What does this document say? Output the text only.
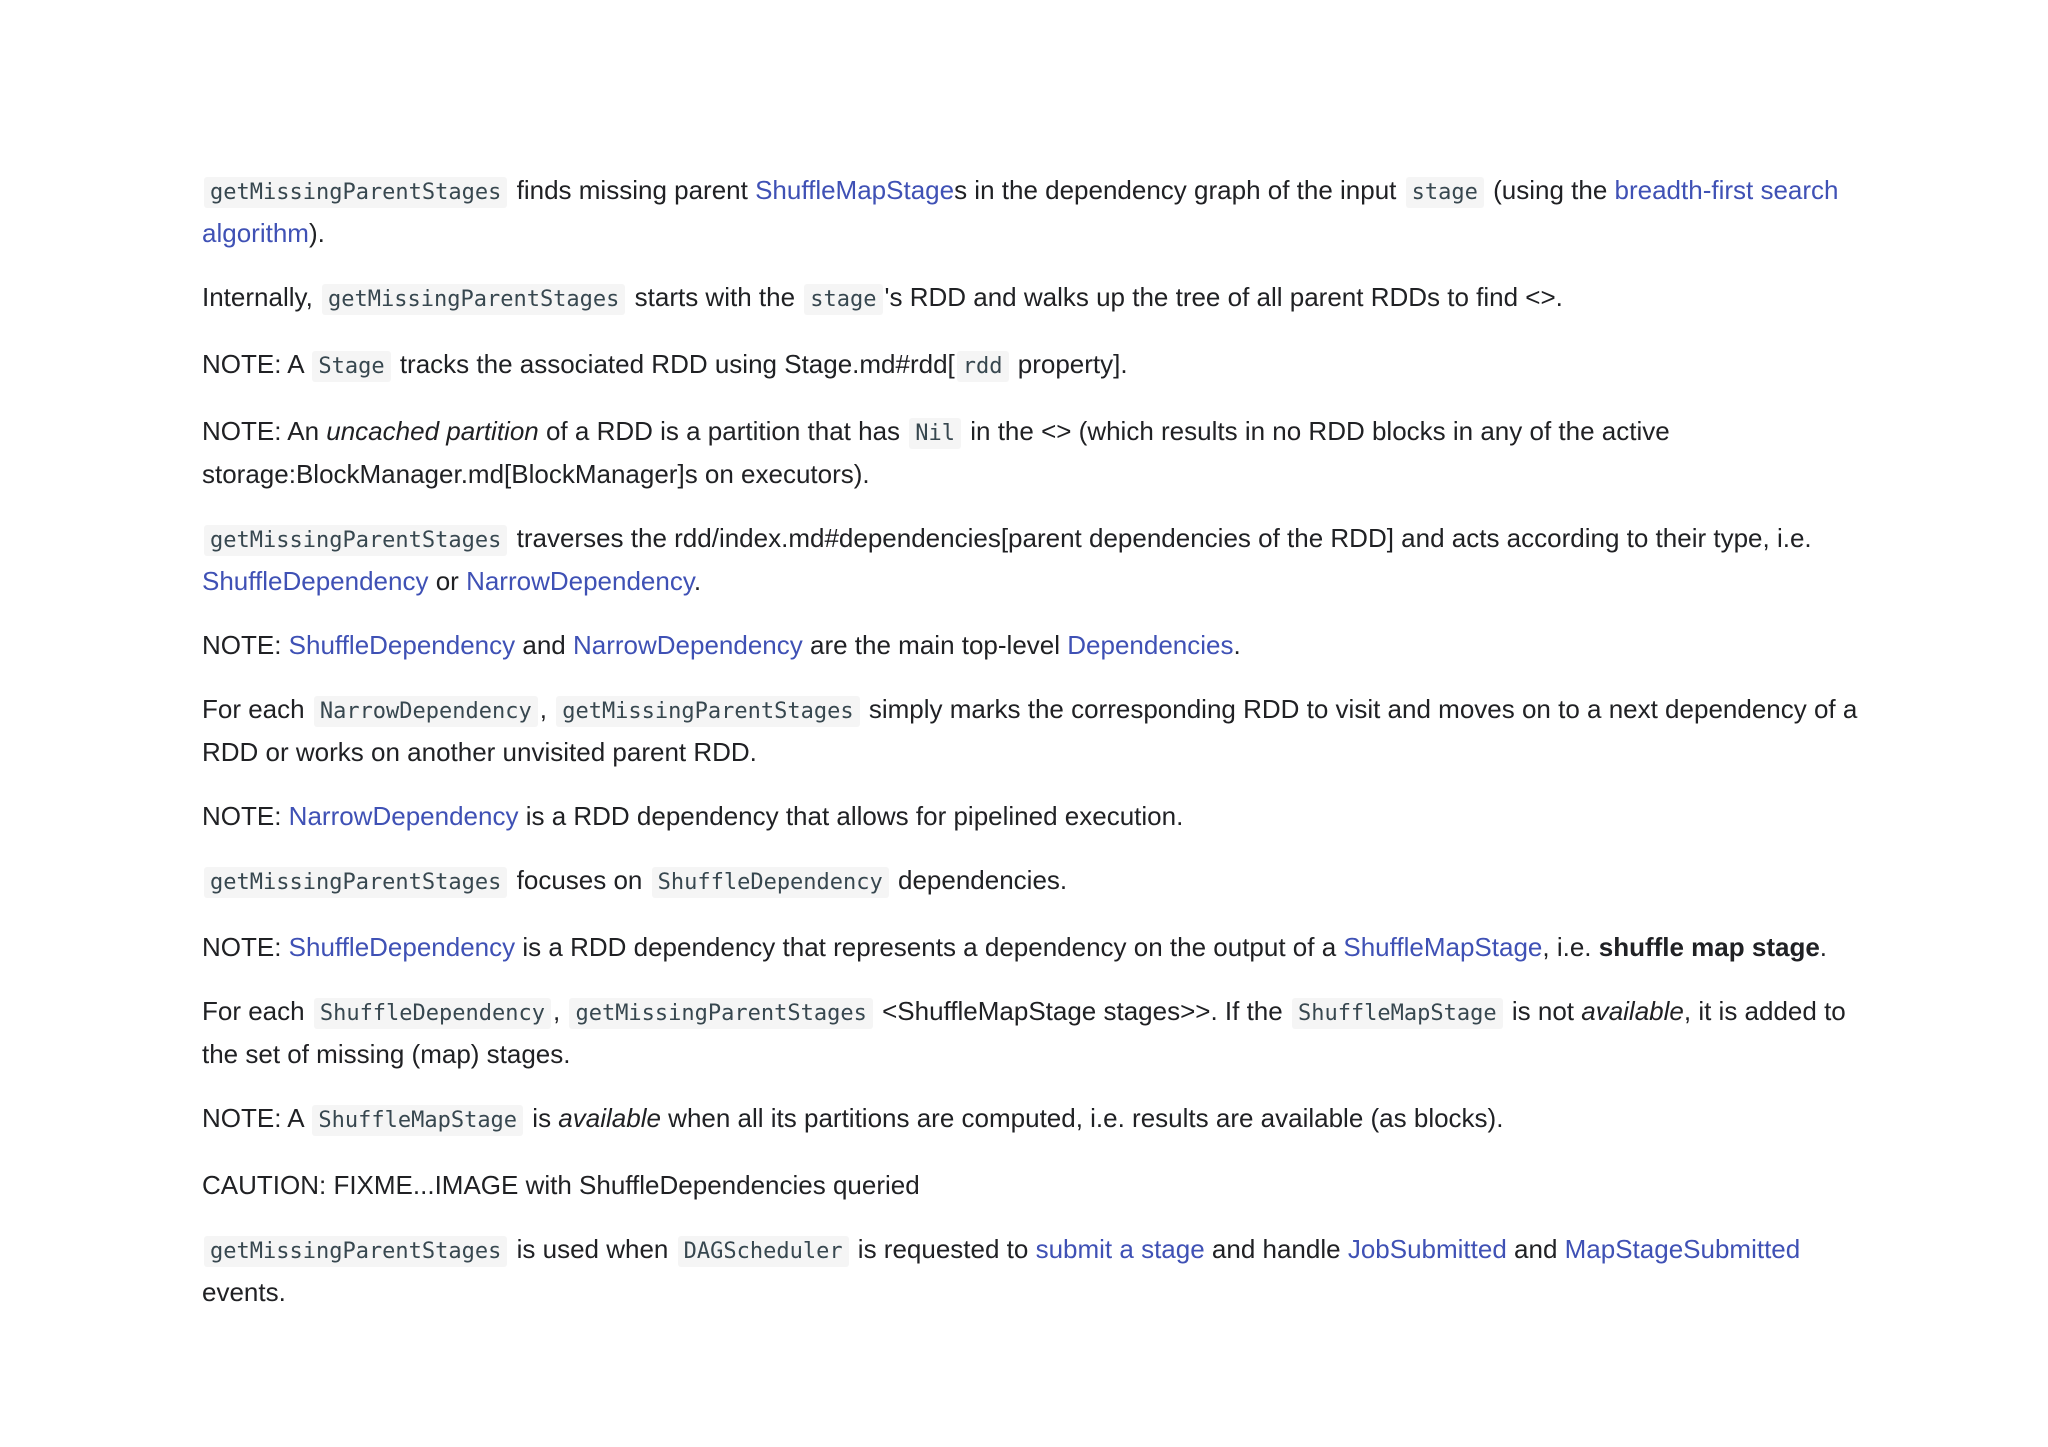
getMissingParentStages finds missing parent ShuffleMapStages in the dependency graph of the input stage (using the breadth-first search algorithm).

Internally, getMissingParentStages starts with the stage 's RDD and walks up the tree of all parent RDDs to find <>.

NOTE: A Stage tracks the associated RDD using Stage.md#rdd[ rdd property].

NOTE: An uncached partition of a RDD is a partition that has Nil in the <> (which results in no RDD blocks in any of the active storage:BlockManager.md[BlockManager]s on executors).

getMissingParentStages traverses the rdd/index.md#dependencies[parent dependencies of the RDD] and acts according to their type, i.e. ShuffleDependency or NarrowDependency.

NOTE: ShuffleDependency and NarrowDependency are the main top-level Dependencies.

For each NarrowDependency , getMissingParentStages simply marks the corresponding RDD to visit and moves on to a next dependency of a RDD or works on another unvisited parent RDD.

NOTE: NarrowDependency is a RDD dependency that allows for pipelined execution.

getMissingParentStages focuses on ShuffleDependency dependencies.

NOTE: ShuffleDependency is a RDD dependency that represents a dependency on the output of a ShuffleMapStage, i.e. shuffle map stage.

For each ShuffleDependency , getMissingParentStages <ShuffleMapStage stages>>. If the ShuffleMapStage is not available, it is added to the set of missing (map) stages.

NOTE: A ShuffleMapStage is available when all its partitions are computed, i.e. results are available (as blocks).

CAUTION: FIXME...IMAGE with ShuffleDependencies queried

getMissingParentStages is used when DAGScheduler is requested to submit a stage and handle JobSubmitted and MapStageSubmitted events.
